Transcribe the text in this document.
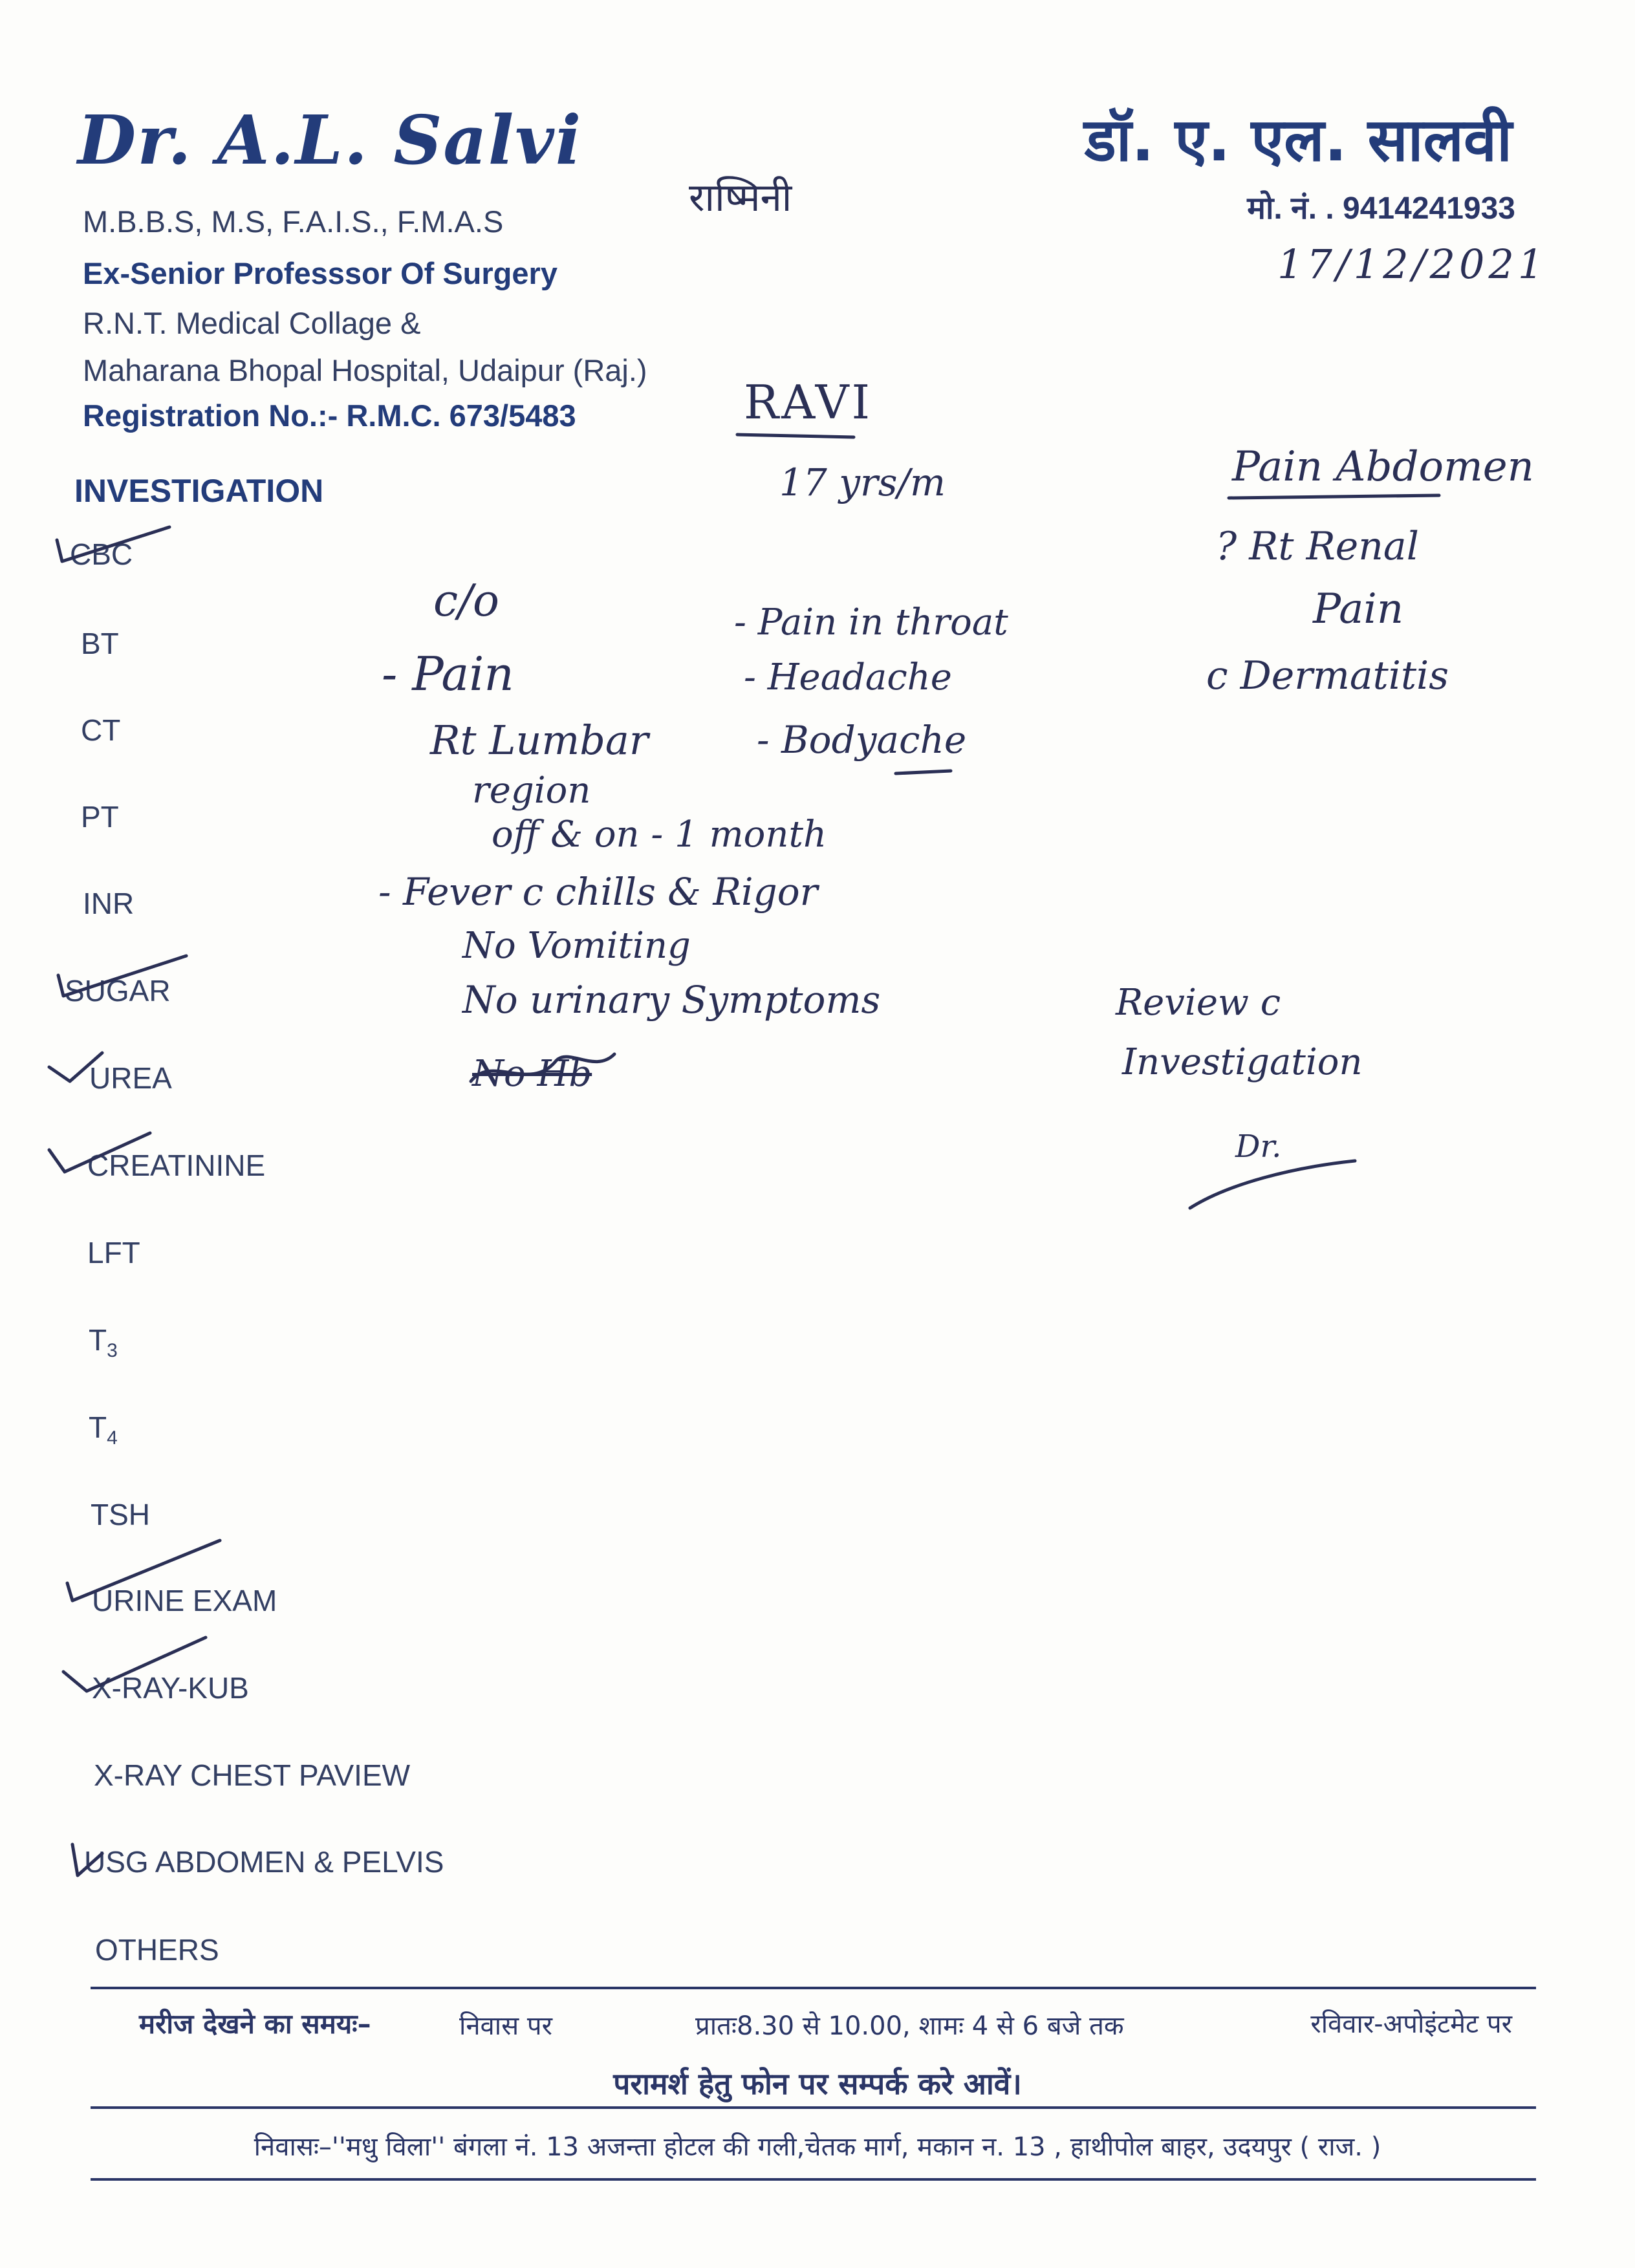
Dr. A.L. Salvi	डॉ. ए. एल. सालवी
मो. नं. . 9414241933
M.B.B.S, M.S, F.A.I.S., F.M.A.S
Ex-Senior Professsor Of Surgery
R.N.T. Medical Collage &
Maharana Bhopal Hospital, Udaipur (Raj.)
Registration No.:- R.M.C. 673/5483
INVESTIGATION
CBC
BT
CT
PT
INR
SUGAR
UREA
CREATININE
LFT
$T_3$
$T_4$
TSH
URINE EXAM
X-RAY-KUB
X-RAY CHEST PAVIEW
USG ABDOMEN & PELVIS
OTHERS
राष्मिनी
17/12/2021
RAVI
17 yrs/m
c/o
- Pain
Rt Lumbar
region
off & on - 1 month
- Fever c chills & Rigor
No Vomiting
No urinary Symptoms
No Hb
- Pain in throat
- Headache
- Bodyache
Pain Abdomen
? Rt Renal
Pain
c Dermatitis
Review c
Investigation
Dr.
मरीज देखने का समयः–	निवास पर	प्रातः8.30 से 10.00, शामः 4 से 6 बजे तक	रविवार-अपोइंटमेट पर
परामर्श हेतु फोन पर सम्पर्क करे आवें।
निवासः–''मधु विला'' बंगला नं. 13 अजन्ता होटल की गली,चेतक मार्ग, मकान न. 13 , हाथीपोल बाहर, उदयपुर ( राज. )
